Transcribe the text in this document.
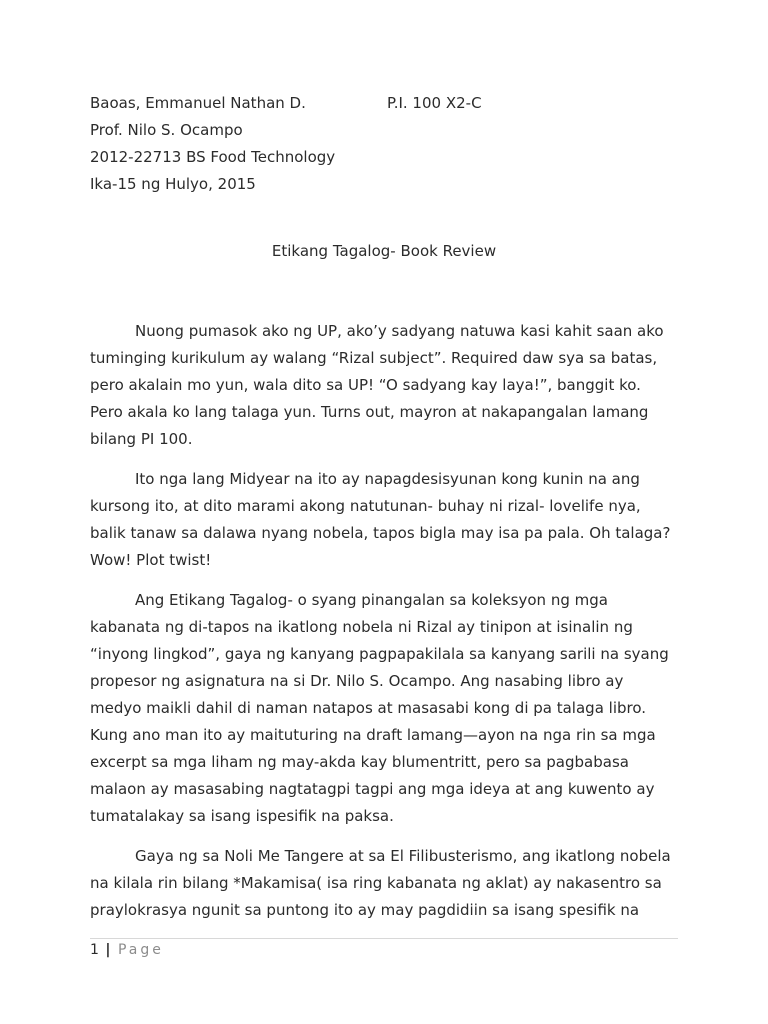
Baoas, Emmanuel Nathan D.	P.I. 100 X2-C
Prof. Nilo S. Ocampo
2012-22713 BS Food Technology
Ika-15 ng Hulyo, 2015
Etikang Tagalog- Book Review
Nuong pumasok ako ng UP, ako’y sadyang natuwa kasi kahit saan ako
tuminging kurikulum ay walang “Rizal subject”. Required daw sya sa batas,
pero akalain mo yun, wala dito sa UP! “O sadyang kay laya!”, banggit ko.
Pero akala ko lang talaga yun. Turns out, mayron at nakapangalan lamang
bilang PI 100.
Ito nga lang Midyear na ito ay napagdesisyunan kong kunin na ang
kursong ito, at dito marami akong natutunan- buhay ni rizal- lovelife nya,
balik tanaw sa dalawa nyang nobela, tapos bigla may isa pa pala. Oh talaga?
Wow! Plot twist!
Ang Etikang Tagalog- o syang pinangalan sa koleksyon ng mga
kabanata ng di-tapos na ikatlong nobela ni Rizal ay tinipon at isinalin ng
“inyong lingkod”, gaya ng kanyang pagpapakilala sa kanyang sarili na syang
propesor ng asignatura na si Dr. Nilo S. Ocampo. Ang nasabing libro ay
medyo maikli dahil di naman natapos at masasabi kong di pa talaga libro.
Kung ano man ito ay maituturing na draft lamang—ayon na nga rin sa mga
excerpt sa mga liham ng may-akda kay blumentritt, pero sa pagbabasa
malaon ay masasabing nagtatagpi tagpi ang mga ideya at ang kuwento ay
tumatalakay sa isang ispesifik na paksa.
Gaya ng sa Noli Me Tangere at sa El Filibusterismo, ang ikatlong nobela
na kilala rin bilang *Makamisa( isa ring kabanata ng aklat) ay nakasentro sa
praylokrasya ngunit sa puntong ito ay may pagdidiin sa isang spesifik na
1 | Page
